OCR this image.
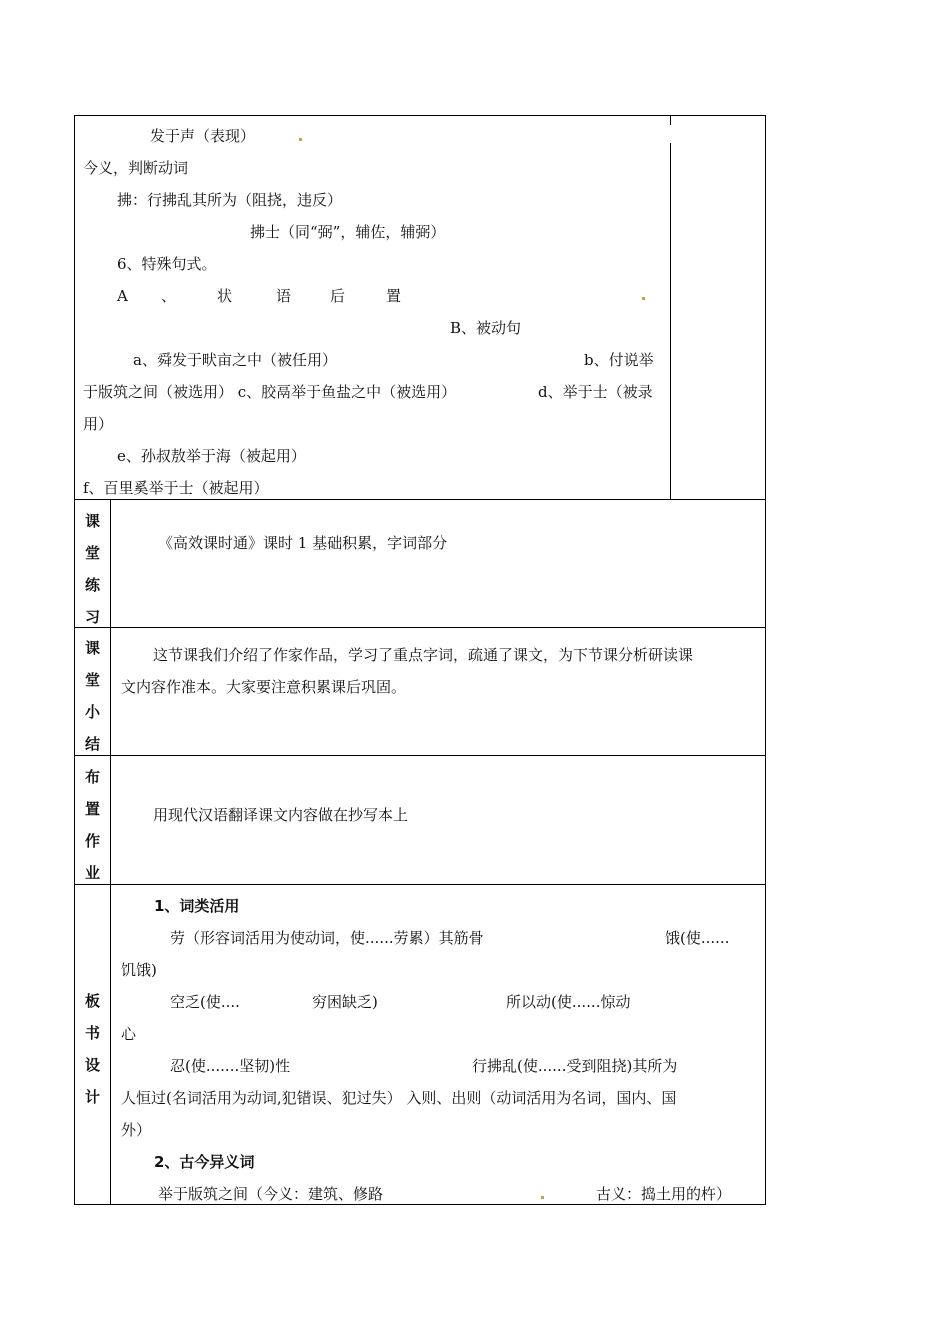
发于声（表现）
今义，判断动词
拂：行拂乱其所为（阻挠，违反）
拂士（同“弼”，辅佐，辅弼）
6、特殊句式。
A 、	状	语	后	置
B、被动句
a、舜发于畎亩之中（被任用）	b、付说举
于版筑之间（被选用） c、胶鬲举于鱼盐之中（被选用）	d、举于士（被录
用）
e、孙叔敖举于海（被起用）
f、百里奚举于士（被起用）
课
堂
练
习
《高效课时通》课时 1 基础积累，字词部分
课
堂
小
结
这节课我们介绍了作家作品，学习了重点字词，疏通了课文，为下节课分析研读课
文内容作准本。大家要注意积累课后巩固。
布
置
作
业
用现代汉语翻译课文内容做在抄写本上
板
书
设
计
1、词类活用
劳（形容词活用为使动词，使......劳累）其筋骨	饿(使......
饥饿)
空乏(使....	穷困缺乏)	所以动(使......惊动
心
忍(使.......坚韧)性	行拂乱(使......受到阻挠)其所为
人恒过(名词活用为动词,犯错误、犯过失） 入则、出则（动词活用为名词，国内、国
外）
2、古今异义词
举于版筑之间（今义：建筑、修路	古义：捣土用的杵）
